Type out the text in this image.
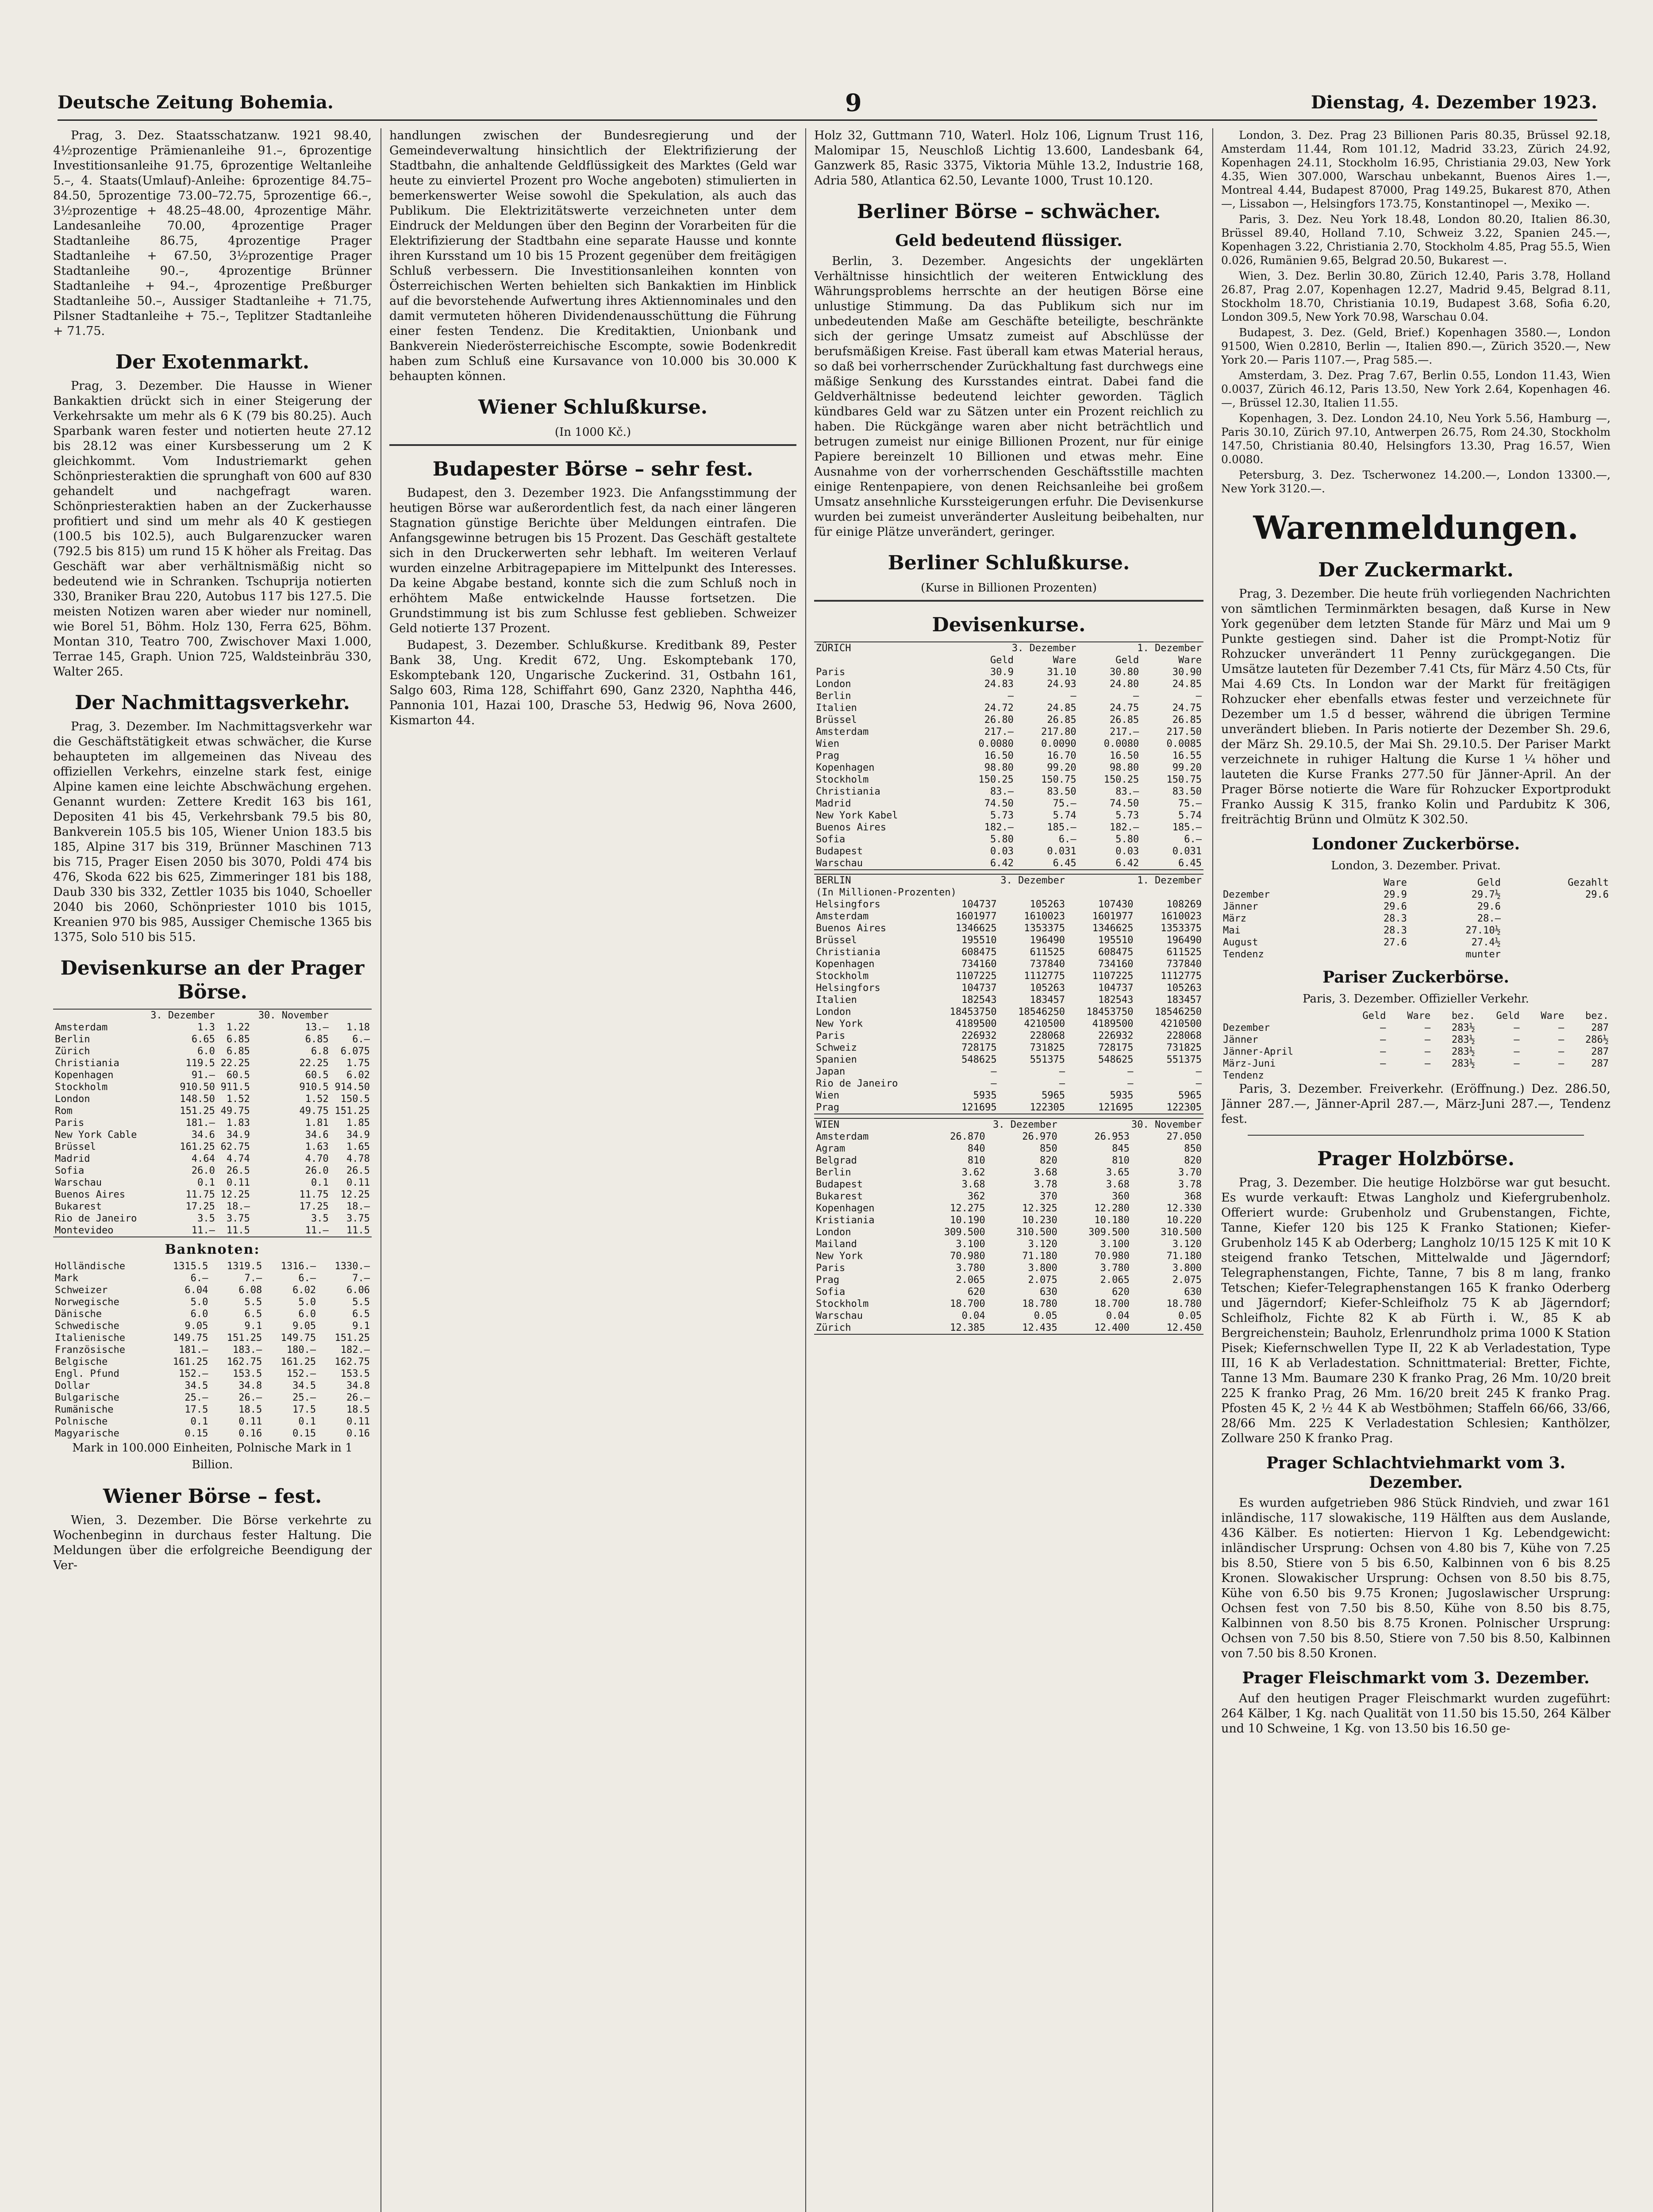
Deutsche Zeitung Bohemia.	9	Dienstag, 4. Dezember 1923.

Prag, 3. Dez. Staatsschatzanw. 1921 98.40, 4½prozentige Prämienanleihe 91.–, 6prozentige Investitionsanleihe 91.75, 6prozentige Weltanleihe 5.–, 4. Staats(Umlauf)-Anleihe: 6prozentige 84.75–84.50, 5prozentige 73.00–72.75, 5prozentige 66.–, 3½prozentige + 48.25–48.00, 4prozentige Mähr. Landesanleihe 70.00, 4prozentige Prager Stadtanleihe 86.75, 4prozentige Prager Stadtanleihe + 67.50, 3½prozentige Prager Stadtanleihe 90.–, 4prozentige Brünner Stadtanleihe + 94.–, 4prozentige Preßburger Stadtanleihe 50.–, Aussiger Stadtanleihe + 71.75, Pilsner Stadtanleihe + 75.–, Teplitzer Stadtanleihe + 71.75.

Der Exotenmarkt.

Prag, 3. Dezember. Die Hausse in Wiener Bankaktien drückt sich in einer Steigerung der Verkehrsakte um mehr als 6 K (79 bis 80.25). Auch Sparbank waren fester und notierten heute 27.12 bis 28.12 was einer Kursbesserung um 2 K gleichkommt. Vom Industriemarkt gehen Schönpriesteraktien die sprunghaft von 600 auf 830 gehandelt und nachgefragt waren. Schönpriesteraktien haben an der Zuckerhausse profitiert und sind um mehr als 40 K gestiegen (100.5 bis 102.5), auch Bulgarenzucker waren (792.5 bis 815) um rund 15 K höher als Freitag. Das Geschäft war aber verhältnismäßig nicht so bedeutend wie in Schranken. Tschuprija notierten 330, Braniker Brau 220, Autobus 117 bis 127.5. Die meisten Notizen waren aber wieder nur nominell, wie Borel 51, Böhm. Holz 130, Ferra 625, Böhm. Montan 310, Teatro 700, Zwischover Maxi 1.000, Terrae 145, Graph. Union 725, Waldsteinbräu 330, Walter 265.

Der Nachmittagsverkehr.

Prag, 3. Dezember. Im Nachmittagsverkehr war die Geschäftstätigkeit etwas schwächer, die Kurse behaupteten im allgemeinen das Niveau des offiziellen Verkehrs, einzelne stark fest, einige Alpine kamen eine leichte Abschwächung ergehen. Genannt wurden: Zettere Kredit 163 bis 161, Depositen 41 bis 45, Verkehrsbank 79.5 bis 80, Bankverein 105.5 bis 105, Wiener Union 183.5 bis 185, Alpine 317 bis 319, Brünner Maschinen 713 bis 715, Prager Eisen 2050 bis 3070, Poldi 474 bis 476, Skoda 622 bis 625, Zimmeringer 181 bis 188, Daub 330 bis 332, Zettler 1035 bis 1040, Schoeller 2040 bis 2060, Schönpriester 1010 bis 1015, Kreanien 970 bis 985, Aussiger Chemische 1365 bis 1375, Solo 510 bis 515.

Devisenkurse an der Prager Börse.
	3. Dezember		30. November	
Amsterdam	1.3	1.22	13.—	1.18
Berlin	6.65	6.85	6.85	6.—
Zürich	6.0	6.85	6.8	6.075
Christiania	119.5	22.25	22.25	1.75
Kopenhagen	91.—	60.5	60.5	6.02
Stockholm	910.50	911.5	910.5	914.50
London	148.50	1.52	1.52	150.5
Rom	151.25	49.75	49.75	151.25
Paris	181.—	1.83	1.81	1.85
New York Cable	34.6	34.9	34.6	34.9
Brüssel	161.25	62.75	1.63	1.65
Madrid	4.64	4.74	4.70	4.78
Sofia	26.0	26.5	26.0	26.5
Warschau	0.1	0.11	0.1	0.11
Buenos Aires	11.75	12.25	11.75	12.25
Bukarest	17.25	18.—	17.25	18.—
Rio de Janeiro	3.5	3.75	3.5	3.75
Montevideo	11.—	11.5	11.—	11.5
Banknoten:
Holländische	1315.5	1319.5	1316.—	1330.—
Mark	6.—	7.—	6.—	7.—
Schweizer	6.04	6.08	6.02	6.06
Norwegische	5.0	5.5	5.0	5.5
Dänische	6.0	6.5	6.0	6.5
Schwedische	9.05	9.1	9.05	9.1
Italienische	149.75	151.25	149.75	151.25
Französische	181.—	183.—	180.—	182.—
Belgische	161.25	162.75	161.25	162.75
Engl. Pfund	152.—	153.5	152.—	153.5
Dollar	34.5	34.8	34.5	34.8
Bulgarische	25.—	26.—	25.—	26.—
Rumänische	17.5	18.5	17.5	18.5
Polnische	0.1	0.11	0.1	0.11
Magyarische	0.15	0.16	0.15	0.16
Mark in 100.000 Einheiten, Polnische Mark in 1 Billion.
Wiener Börse – fest.

Wien, 3. Dezember. Die Börse verkehrte zu Wochenbeginn in durchaus fester Haltung. Die Meldungen über die erfolgreiche Beendigung der Ver-

handlungen zwischen der Bundesregierung und der Gemeindeverwaltung hinsichtlich der Elektrifizierung der Stadtbahn, die anhaltende Geldflüssigkeit des Marktes (Geld war heute zu einviertel Prozent pro Woche angeboten) stimulierten in bemerkenswerter Weise sowohl die Spekulation, als auch das Publikum. Die Elektrizitätswerte verzeichneten unter dem Eindruck der Meldungen über den Beginn der Vorarbeiten für die Elektrifizierung der Stadtbahn eine separate Hausse und konnte ihren Kursstand um 10 bis 15 Prozent gegenüber dem freitägigen Schluß verbessern. Die Investitionsanleihen konnten von Österreichischen Werten behielten sich Bankaktien im Hinblick auf die bevorstehende Aufwertung ihres Aktiennominales und den damit vermuteten höheren Dividendenausschüttung die Führung einer festen Tendenz. Die Kreditaktien, Unionbank und Bankverein Niederösterreichische Escompte, sowie Bodenkredit haben zum Schluß eine Kursavance von 10.000 bis 30.000 K behaupten können.

Wiener Schlußkurse.
(In 1000 Kč.)
Budapester Börse – sehr fest.

Budapest, den 3. Dezember 1923. Die Anfangsstimmung der heutigen Börse war außerordentlich fest, da nach einer längeren Stagnation günstige Berichte über Meldungen eintrafen. Die Anfangsgewinne betrugen bis 15 Prozent. Das Geschäft gestaltete sich in den Druckerwerten sehr lebhaft. Im weiteren Verlauf wurden einzelne Arbitragepapiere im Mittelpunkt des Interesses. Da keine Abgabe bestand, konnte sich die zum Schluß noch in erhöhtem Maße entwickelnde Hausse fortsetzen. Die Grundstimmung ist bis zum Schlusse fest geblieben. Schweizer Geld notierte 137 Prozent.

Budapest, 3. Dezember. Schlußkurse. Kreditbank 89, Pester Bank 38, Ung. Kredit 672, Ung. Eskomptebank 170, Eskomptebank 120, Ungarische Zuckerind. 31, Ostbahn 161, Salgo 603, Rima 128, Schiffahrt 690, Ganz 2320, Naphtha 446, Pannonia 101, Hazai 100, Drasche 53, Hedwig 96, Nova 2600, Kismarton 44.

Holz 32, Guttmann 710, Waterl. Holz 106, Lignum Trust 116, Malomipar 15, Neuschloß Lichtig 13.600, Landesbank 64, Ganzwerk 85, Rasic 3375, Viktoria Mühle 13.2, Industrie 168, Adria 580, Atlantica 62.50, Levante 1000, Trust 10.120.

Berliner Börse – schwächer.
Geld bedeutend flüssiger.

Berlin, 3. Dezember. Angesichts der ungeklärten Verhältnisse hinsichtlich der weiteren Entwicklung des Währungsproblems herrschte an der heutigen Börse eine unlustige Stimmung. Da das Publikum sich nur im unbedeutenden Maße am Geschäfte beteiligte, beschränkte sich der geringe Umsatz zumeist auf Abschlüsse der berufsmäßigen Kreise. Fast überall kam etwas Material heraus, so daß bei vorherrschender Zurückhaltung fast durchwegs eine mäßige Senkung des Kursstandes eintrat. Dabei fand die Geldverhältnisse bedeutend leichter geworden. Täglich kündbares Geld war zu Sätzen unter ein Prozent reichlich zu haben. Die Rückgänge waren aber nicht beträchtlich und betrugen zumeist nur einige Billionen Prozent, nur für einige Papiere bereinzelt 10 Billionen und etwas mehr. Eine Ausnahme von der vorherrschenden Geschäftsstille machten einige Rentenpapiere, von denen Reichsanleihe bei großem Umsatz ansehnliche Kurssteigerungen erfuhr. Die Devisenkurse wurden bei zumeist unveränderter Ausleitung beibehalten, nur für einige Plätze unverändert, geringer.

Berliner Schlußkurse.
(Kurse in Billionen Prozenten)
Devisenkurse.
ZÜRICH	3. Dezember		1. Dezember	
	Geld	Ware	Geld	Ware
Paris	30.9	31.10	30.80	30.90
London	24.83	24.93	24.80	24.85
Berlin	—	—	—	—
Italien	24.72	24.85	24.75	24.75
Brüssel	26.80	26.85	26.85	26.85
Amsterdam	217.—	217.80	217.—	217.50
Wien	0.0080	0.0090	0.0080	0.0085
Prag	16.50	16.70	16.50	16.55
Kopenhagen	98.80	99.20	98.80	99.20
Stockholm	150.25	150.75	150.25	150.75
Christiania	83.—	83.50	83.—	83.50
Madrid	74.50	75.—	74.50	75.—
New York Kabel	5.73	5.74	5.73	5.74
Buenos Aires	182.—	185.—	182.—	185.—
Sofia	5.80	6.—	5.80	6.—
Budapest	0.03	0.031	0.03	0.031
Warschau	6.42	6.45	6.42	6.45
BERLIN	3. Dezember		1. Dezember	
(In Millionen-Prozenten)				
Helsingfors	104737	105263	107430	108269
Amsterdam	1601977	1610023	1601977	1610023
Buenos Aires	1346625	1353375	1346625	1353375
Brüssel	195510	196490	195510	196490
Christiania	608475	611525	608475	611525
Kopenhagen	734160	737840	734160	737840
Stockholm	1107225	1112775	1107225	1112775
Helsingfors	104737	105263	104737	105263
Italien	182543	183457	182543	183457
London	18453750	18546250	18453750	18546250
New York	4189500	4210500	4189500	4210500
Paris	226932	228068	226932	228068
Schweiz	728175	731825	728175	731825
Spanien	548625	551375	548625	551375
Japan	—	—	—	—
Rio de Janeiro	—	—	—	—
Wien	5935	5965	5935	5965
Prag	121695	122305	121695	122305
WIEN	3. Dezember		30. November	
Amsterdam	26.870	26.970	26.953	27.050
Agram	840	850	845	850
Belgrad	810	820	810	820
Berlin	3.62	3.68	3.65	3.70
Budapest	3.68	3.78	3.68	3.78
Bukarest	362	370	360	368
Kopenhagen	12.275	12.325	12.280	12.330
Kristiania	10.190	10.230	10.180	10.220
London	309.500	310.500	309.500	310.500
Mailand	3.100	3.120	3.100	3.120
New York	70.980	71.180	70.980	71.180
Paris	3.780	3.800	3.780	3.800
Prag	2.065	2.075	2.065	2.075
Sofia	620	630	620	630
Stockholm	18.700	18.780	18.700	18.780
Warschau	0.04	0.05	0.04	0.05
Zürich	12.385	12.435	12.400	12.450

London, 3. Dez. Prag 23 Billionen Paris 80.35, Brüssel 92.18, Amsterdam 11.44, Rom 101.12, Madrid 33.23, Zürich 24.92, Kopenhagen 24.11, Stockholm 16.95, Christiania 29.03, New York 4.35, Wien 307.000, Warschau unbekannt, Buenos Aires 1.—, Montreal 4.44, Budapest 87000, Prag 149.25, Bukarest 870, Athen —, Lissabon —, Helsingfors 173.75, Konstantinopel —, Mexiko —.

Paris, 3. Dez. Neu York 18.48, London 80.20, Italien 86.30, Brüssel 89.40, Holland 7.10, Schweiz 3.22, Spanien 245.—, Kopenhagen 3.22, Christiania 2.70, Stockholm 4.85, Prag 55.5, Wien 0.026, Rumänien 9.65, Belgrad 20.50, Bukarest —.

Wien, 3. Dez. Berlin 30.80, Zürich 12.40, Paris 3.78, Holland 26.87, Prag 2.07, Kopenhagen 12.27, Madrid 9.45, Belgrad 8.11, Stockholm 18.70, Christiania 10.19, Budapest 3.68, Sofia 6.20, London 309.5, New York 70.98, Warschau 0.04.

Budapest, 3. Dez. (Geld, Brief.) Kopenhagen 3580.—, London 91500, Wien 0.2810, Berlin —, Italien 890.—, Zürich 3520.—, New York 20.— Paris 1107.—, Prag 585.—.

Amsterdam, 3. Dez. Prag 7.67, Berlin 0.55, London 11.43, Wien 0.0037, Zürich 46.12, Paris 13.50, New York 2.64, Kopenhagen 46.—, Brüssel 12.30, Italien 11.55.

Kopenhagen, 3. Dez. London 24.10, Neu York 5.56, Hamburg —, Paris 30.10, Zürich 97.10, Antwerpen 26.75, Rom 24.30, Stockholm 147.50, Christiania 80.40, Helsingfors 13.30, Prag 16.57, Wien 0.0080.

Petersburg, 3. Dez. Tscherwonez 14.200.—, London 13300.—, New York 3120.—.

Warenmeldungen.
Der Zuckermarkt.

Prag, 3. Dezember. Die heute früh vorliegenden Nachrichten von sämtlichen Terminmärkten besagen, daß Kurse in New York gegenüber dem letzten Stande für März und Mai um 9 Punkte gestiegen sind. Daher ist die Prompt-Notiz für Rohzucker unverändert 11 Penny zurückgegangen. Die Umsätze lauteten für Dezember 7.41 Cts, für März 4.50 Cts, für Mai 4.69 Cts. In London war der Markt für freitägigen Rohzucker eher ebenfalls etwas fester und verzeichnete für Dezember um 1.5 d besser, während die übrigen Termine unverändert blieben. In Paris notierte der Dezember Sh. 29.6, der März Sh. 29.10.5, der Mai Sh. 29.10.5. Der Pariser Markt verzeichnete in ruhiger Haltung die Kurse 1 ¼ höher und lauteten die Kurse Franks 277.50 für Jänner-April. An der Prager Börse notierte die Ware für Rohzucker Exportprodukt Franko Aussig K 315, franko Kolin und Pardubitz K 306, freiträchtig Brünn und Olmütz K 302.50.

Londoner Zuckerbörse.
London, 3. Dezember. Privat.
	Ware	Geld	Gezahlt
Dezember	29.9	29.7½	29.6
Jänner	29.6	29.6	
März	28.3	28.—	
Mai	28.3	27.10½	
August	27.6	27.4½	
Tendenz		munter	
Pariser Zuckerbörse.
Paris, 3. Dezember. Offizieller Verkehr.
	Geld	Ware	bez.	Geld	Ware	bez.
Dezember	—	—	283½	—	—	287
Jänner	—	—	283½	—	—	286½
Jänner-April	—	—	283½	—	—	287
März-Juni	—	—	283½	—	—	287
Tendenz						

Paris, 3. Dezember. Freiverkehr. (Eröffnung.) Dez. 286.50, Jänner 287.—, Jänner-April 287.—, März-Juni 287.—, Tendenz fest.

Prager Holzbörse.

Prag, 3. Dezember. Die heutige Holzbörse war gut besucht. Es wurde verkauft: Etwas Langholz und Kiefergrubenholz. Offeriert wurde: Grubenholz und Grubenstangen, Fichte, Tanne, Kiefer 120 bis 125 K Franko Stationen; Kiefer-Grubenholz 145 K ab Oderberg; Langholz 10/15 125 K mit 10 K steigend franko Tetschen, Mittelwalde und Jägerndorf; Telegraphenstangen, Fichte, Tanne, 7 bis 8 m lang, franko Tetschen; Kiefer-Telegraphenstangen 165 K franko Oderberg und Jägerndorf; Kiefer-Schleifholz 75 K ab Jägerndorf; Schleifholz, Fichte 82 K ab Fürth i. W., 85 K ab Bergreichenstein; Bauholz, Erlenrundholz prima 1000 K Station Pisek; Kiefernschwellen Type II, 22 K ab Verladestation, Type III, 16 K ab Verladestation. Schnittmaterial: Bretter, Fichte, Tanne 13 Mm. Baumare 230 K franko Prag, 26 Mm. 10/20 breit 225 K franko Prag, 26 Mm. 16/20 breit 245 K franko Prag. Pfosten 45 K, 2 ½ 44 K ab Westböhmen; Staffeln 66/66, 33/66, 28/66 Mm. 225 K Verladestation Schlesien; Kanthölzer, Zollware 250 K franko Prag.

Prager Schlachtviehmarkt vom 3. Dezember.

Es wurden aufgetrieben 986 Stück Rindvieh, und zwar 161 inländische, 117 slowakische, 119 Hälften aus dem Auslande, 436 Kälber. Es notierten: Hiervon 1 Kg. Lebendgewicht: inländischer Ursprung: Ochsen von 4.80 bis 7, Kühe von 7.25 bis 8.50, Stiere von 5 bis 6.50, Kalbinnen von 6 bis 8.25 Kronen. Slowakischer Ursprung: Ochsen von 8.50 bis 8.75, Kühe von 6.50 bis 9.75 Kronen; Jugoslawischer Ursprung: Ochsen fest von 7.50 bis 8.50, Kühe von 8.50 bis 8.75, Kalbinnen von 8.50 bis 8.75 Kronen. Polnischer Ursprung: Ochsen von 7.50 bis 8.50, Stiere von 7.50 bis 8.50, Kalbinnen von 7.50 bis 8.50 Kronen.

Prager Fleischmarkt vom 3. Dezember.

Auf den heutigen Prager Fleischmarkt wurden zugeführt: 264 Kälber, 1 Kg. nach Qualität von 11.50 bis 15.50, 264 Kälber und 10 Schweine, 1 Kg. von 13.50 bis 16.50 ge-
